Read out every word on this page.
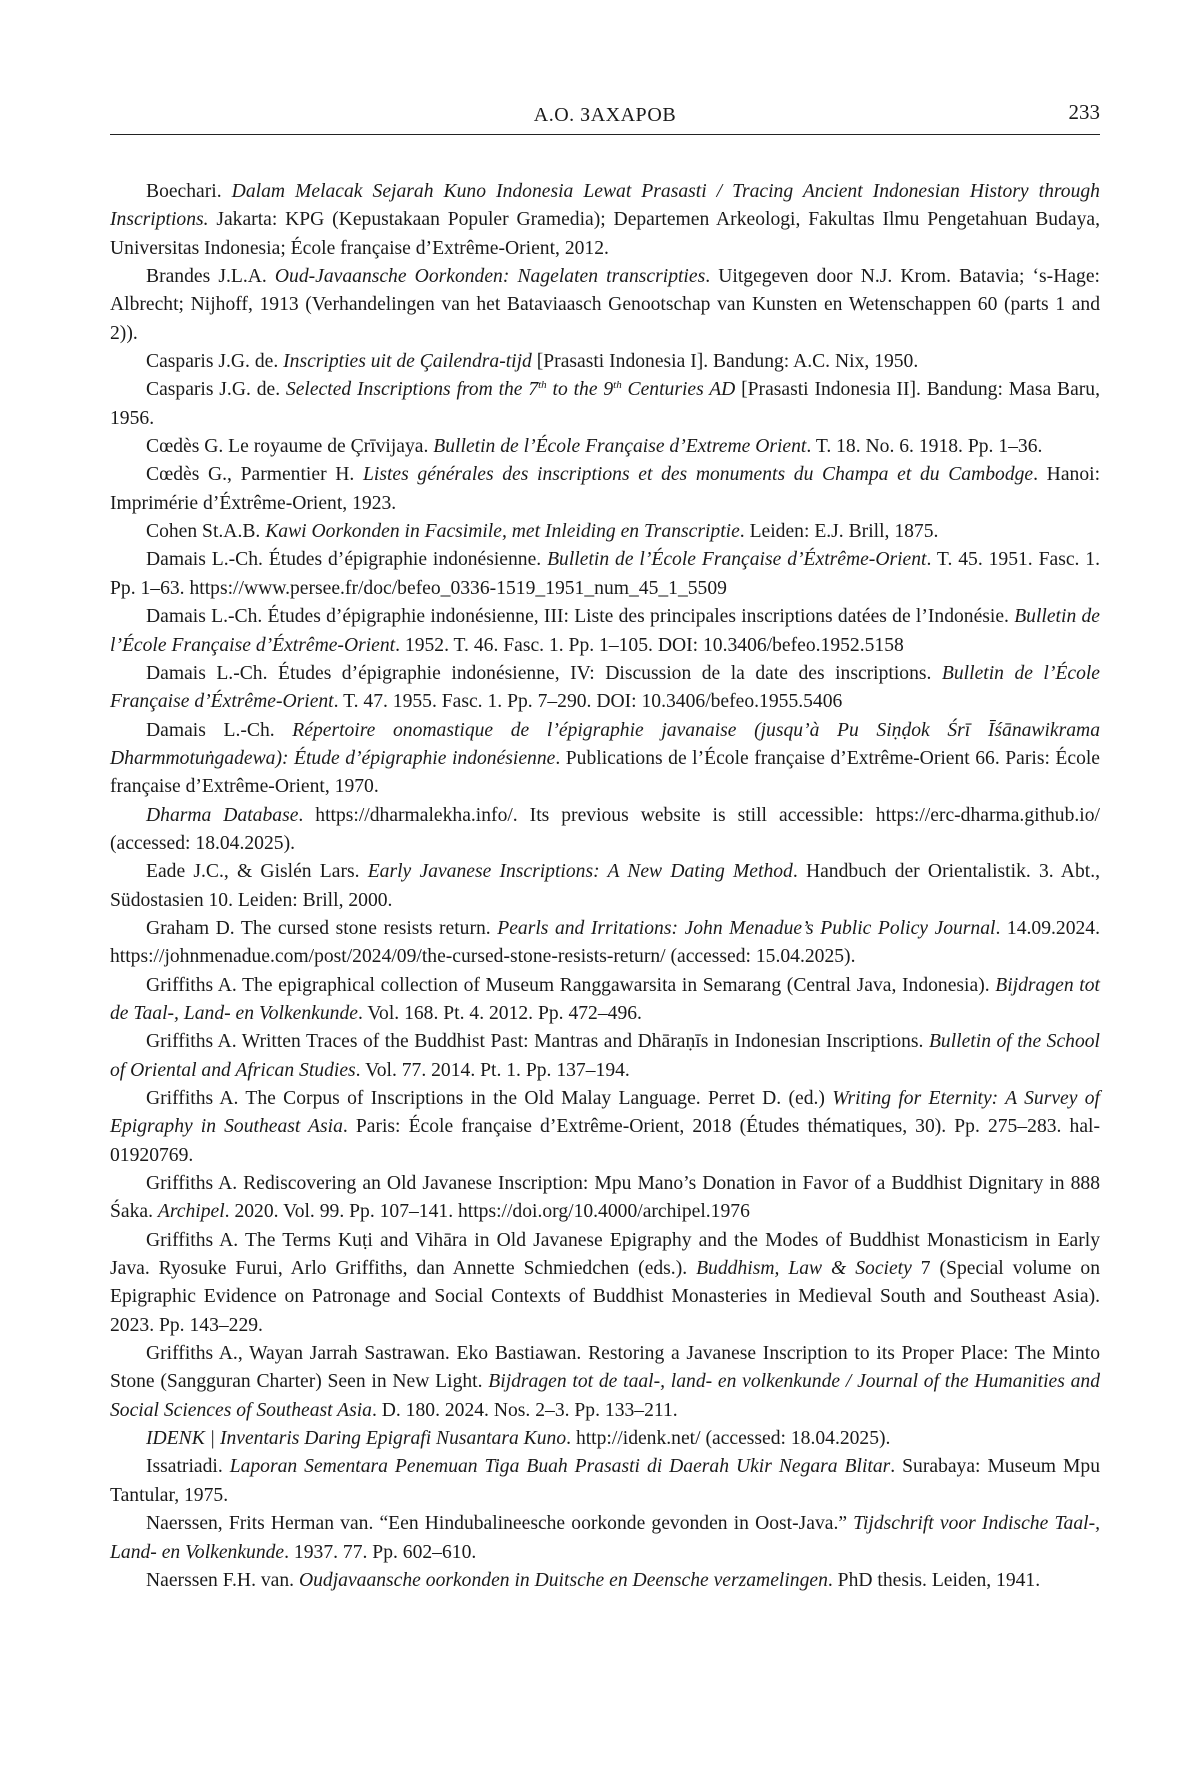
А.О. ЗАХАРОВ	233

Boechari. Dalam Melacak Sejarah Kuno Indonesia Lewat Prasasti / Tracing Ancient Indonesian History through Inscriptions. Jakarta: KPG (Kepustakaan Populer Gramedia); Departemen Arkeologi, Fakultas Ilmu Pengetahuan Budaya, Universitas Indonesia; École française d’Extrême-Orient, 2012.

Brandes J.L.A. Oud-Javaansche Oorkonden: Nagelaten transcripties. Uitgegeven door N.J. Krom. Batavia; ‘s-Hage: Albrecht; Nijhoff, 1913 (Verhandelingen van het Bataviaasch Genootschap van Kunsten en Wetenschappen 60 (parts 1 and 2)).

Casparis J.G. de. Inscripties uit de Çailendra-tijd [Prasasti Indonesia I]. Bandung: A.C. Nix, 1950.

Casparis J.G. de. Selected Inscriptions from the 7th to the 9th Centuries AD [Prasasti Indonesia II]. Bandung: Masa Baru, 1956.

Cœdès G. Le royaume de Çrīvijaya. Bulletin de l’École Française d’Extreme Orient. T. 18. No. 6. 1918. Pp. 1–36.

Cœdès G., Parmentier H. Listes générales des inscriptions et des monuments du Champa et du Cambodge. Hanoi: Imprimérie d’Éxtrême-Orient, 1923.

Cohen St.A.B. Kawi Oorkonden in Facsimile, met Inleiding en Transcriptie. Leiden: E.J. Brill, 1875.

Damais L.-Ch. Études d’épigraphie indonésienne. Bulletin de l’École Française d’Éxtrême-Orient. T. 45. 1951. Fasc. 1. Pp. 1–63. https://www.persee.fr/doc/befeo_0336-1519_1951_num_45_1_5509

Damais L.-Ch. Études d’épigraphie indonésienne, III: Liste des principales inscriptions datées de l’Indonésie. Bulletin de l’École Française d’Éxtrême-Orient. 1952. T. 46. Fasc. 1. Pp. 1–105. DOI: 10.3406/befeo.1952.5158

Damais L.-Ch. Études d’épigraphie indonésienne, IV: Discussion de la date des inscriptions. Bulletin de l’École Française d’Éxtrême-Orient. T. 47. 1955. Fasc. 1. Pp. 7–290. DOI: 10.3406/befeo.1955.5406

Damais L.-Ch. Répertoire onomastique de l’épigraphie javanaise (jusqu’à Pu Siṇḍok Śrī Īśānawikrama Dharmmotuṅgadewa): Étude d’épigraphie indonésienne. Publications de l’École française d’Extrême-Orient 66. Paris: École française d’Extrême-Orient, 1970.

Dharma Database. https://dharmalekha.info/. Its previous website is still accessible: https://erc-dharma.github.io/ (accessed: 18.04.2025).

Eade J.C., & Gislén Lars. Early Javanese Inscriptions: A New Dating Method. Handbuch der Orientalistik. 3. Abt., Südostasien 10. Leiden: Brill, 2000.

Graham D. The cursed stone resists return. Pearls and Irritations: John Menadue’s Public Policy Journal. 14.09.2024. https://johnmenadue.com/post/2024/09/the-cursed-stone-resists-return/ (accessed: 15.04.2025).

Griffiths A. The epigraphical collection of Museum Ranggawarsita in Semarang (Central Java, Indonesia). Bijdragen tot de Taal-, Land- en Volkenkunde. Vol. 168. Pt. 4. 2012. Pp. 472–496.

Griffiths A. Written Traces of the Buddhist Past: Mantras and Dhāraṇīs in Indonesian Inscriptions. Bulletin of the School of Oriental and African Studies. Vol. 77. 2014. Pt. 1. Pp. 137–194.

Griffiths A. The Corpus of Inscriptions in the Old Malay Language. Perret D. (ed.) Writing for Eternity: A Survey of Epigraphy in Southeast Asia. Paris: École française d’Extrême-Orient, 2018 (Études thématiques, 30). Pp. 275–283. hal-01920769.

Griffiths A. Rediscovering an Old Javanese Inscription: Mpu Mano’s Donation in Favor of a Buddhist Dignitary in 888 Śaka. Archipel. 2020. Vol. 99. Pp. 107–141. https://doi.org/10.4000/archipel.1976

Griffiths A. The Terms Kuṭi and Vihāra in Old Javanese Epigraphy and the Modes of Buddhist Monasticism in Early Java. Ryosuke Furui, Arlo Griffiths, dan Annette Schmiedchen (eds.). Buddhism, Law & Society 7 (Special volume on Epigraphic Evidence on Patronage and Social Contexts of Buddhist Monasteries in Medieval South and Southeast Asia). 2023. Pp. 143–229.

Griffiths A., Wayan Jarrah Sastrawan. Eko Bastiawan. Restoring a Javanese Inscription to its Proper Place: The Minto Stone (Sangguran Charter) Seen in New Light. Bijdragen tot de taal-, land- en volkenkunde / Journal of the Humanities and Social Sciences of Southeast Asia. D. 180. 2024. Nos. 2–3. Pp. 133–211.

IDENK | Inventaris Daring Epigrafi Nusantara Kuno. http://idenk.net/ (accessed: 18.04.2025).

Issatriadi. Laporan Sementara Penemuan Tiga Buah Prasasti di Daerah Ukir Negara Blitar. Surabaya: Museum Mpu Tantular, 1975.

Naerssen, Frits Herman van. “Een Hindubalineesche oorkonde gevonden in Oost-Java.” Tijdschrift voor Indische Taal-, Land- en Volkenkunde. 1937. 77. Pp. 602–610.

Naerssen F.H. van. Oudjavaansche oorkonden in Duitsche en Deensche verzamelingen. PhD thesis. Leiden, 1941.
